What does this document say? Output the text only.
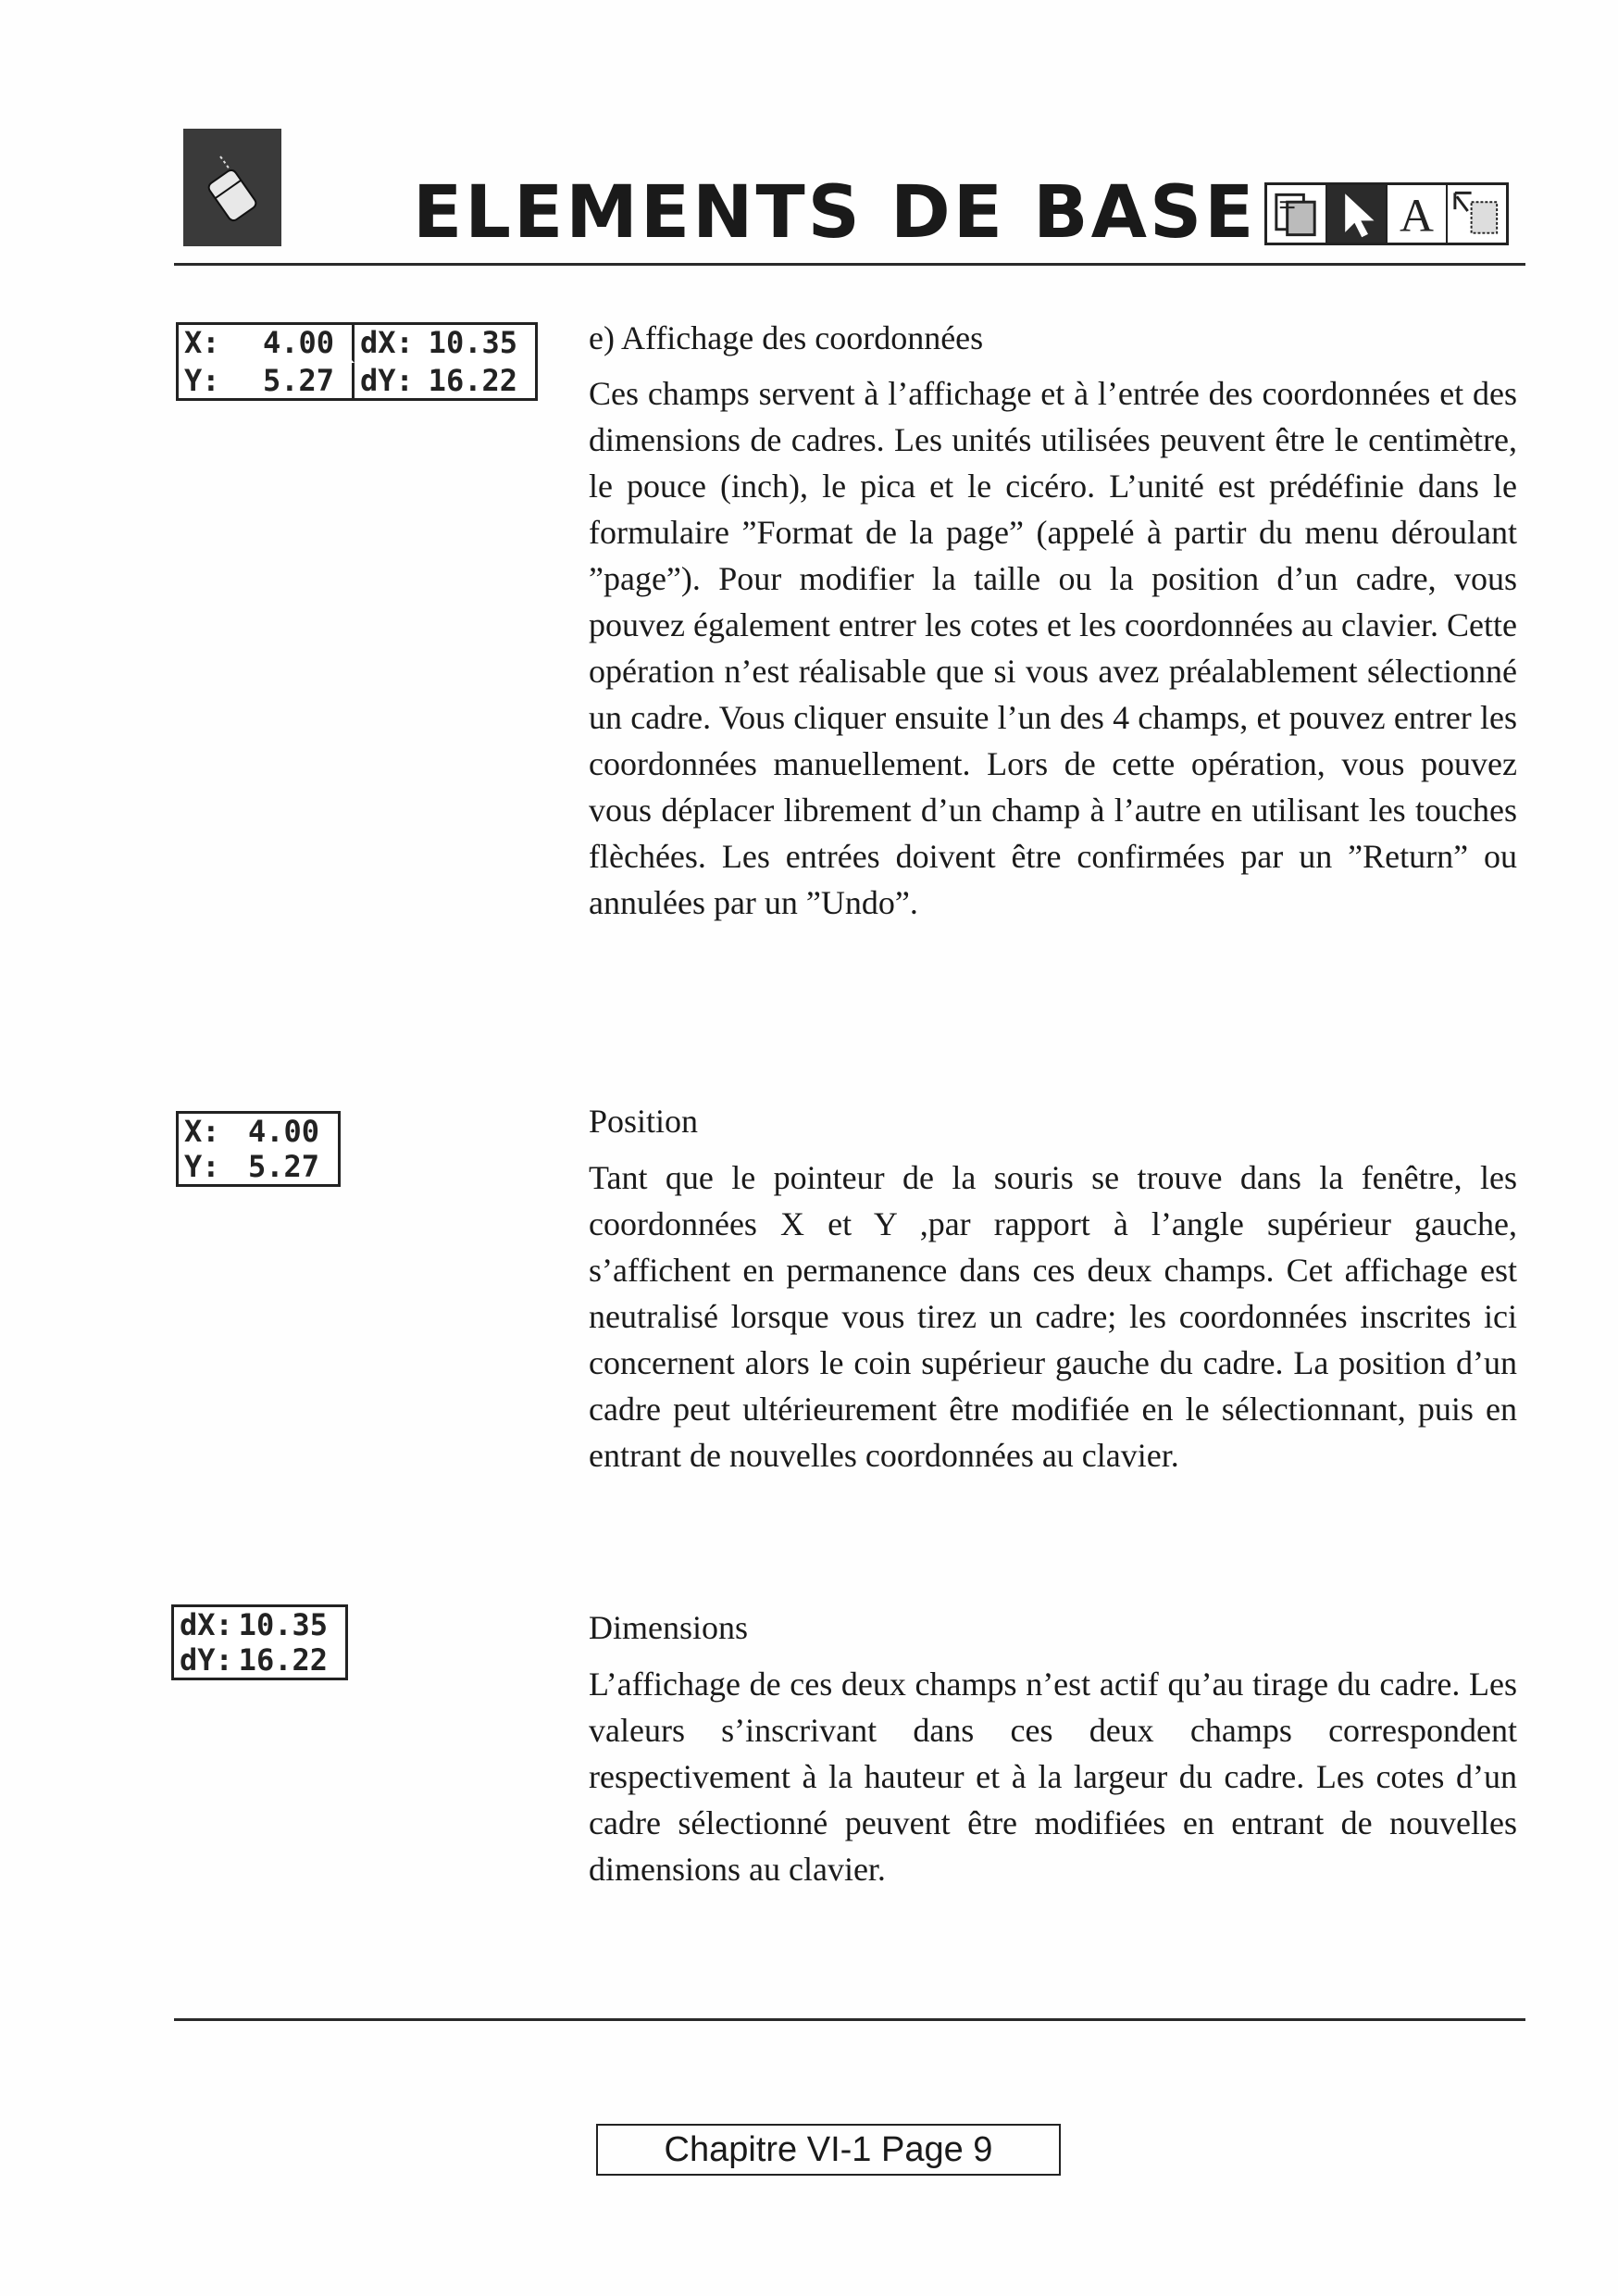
ELEMENTS DE BASE	A
X: 4.00 dX: 10.35
Y: 5.27 dY: 16.22
e) Affichage des coordonnées
Ces champs servent à l’affichage et à l’entrée des coordonnées et des dimensions de cadres. Les unités utilisées peuvent être le centimètre, le pouce (inch), le pica et le cicéro. L’unité est prédéfinie dans le formulaire ”Format de la page” (appelé à partir du menu déroulant ”page”). Pour modifier la taille ou la position d’un cadre, vous pouvez également entrer les cotes et les coordonnées au clavier. Cette opération n’est réalisable que si vous avez préalablement sélectionné un cadre. Vous cliquer ensuite l’un des 4 champs, et pouvez entrer les coordonnées manuellement. Lors de cette opération, vous pouvez vous déplacer librement d’un champ à l’autre en utilisant les touches flèchées. Les entrées doivent être confirmées par un ”Return” ou annulées par un ”Undo”.
X: 4.00
Y: 5.27
Position
Tant que le pointeur de la souris se trouve dans la fenêtre, les coordonnées X et Y ,par rapport à l’angle supérieur gauche, s’affichent en permanence dans ces deux champs. Cet affichage est neutralisé lorsque vous tirez un cadre; les coordonnées inscrites ici concernent alors le coin supérieur gauche du cadre. La position d’un cadre peut ultérieurement être modifiée en le sélectionnant, puis en entrant de nouvelles coordonnées au clavier.
dX: 10.35
dY: 16.22
Dimensions
L’affichage de ces deux champs n’est actif qu’au tirage du cadre. Les valeurs s’inscrivant dans ces deux champs correspondent respectivement à la hauteur et à la largeur du cadre. Les cotes d’un cadre sélectionné peuvent être modifiées en entrant de nouvelles dimensions au clavier.
Chapitre VI-1 Page 9
